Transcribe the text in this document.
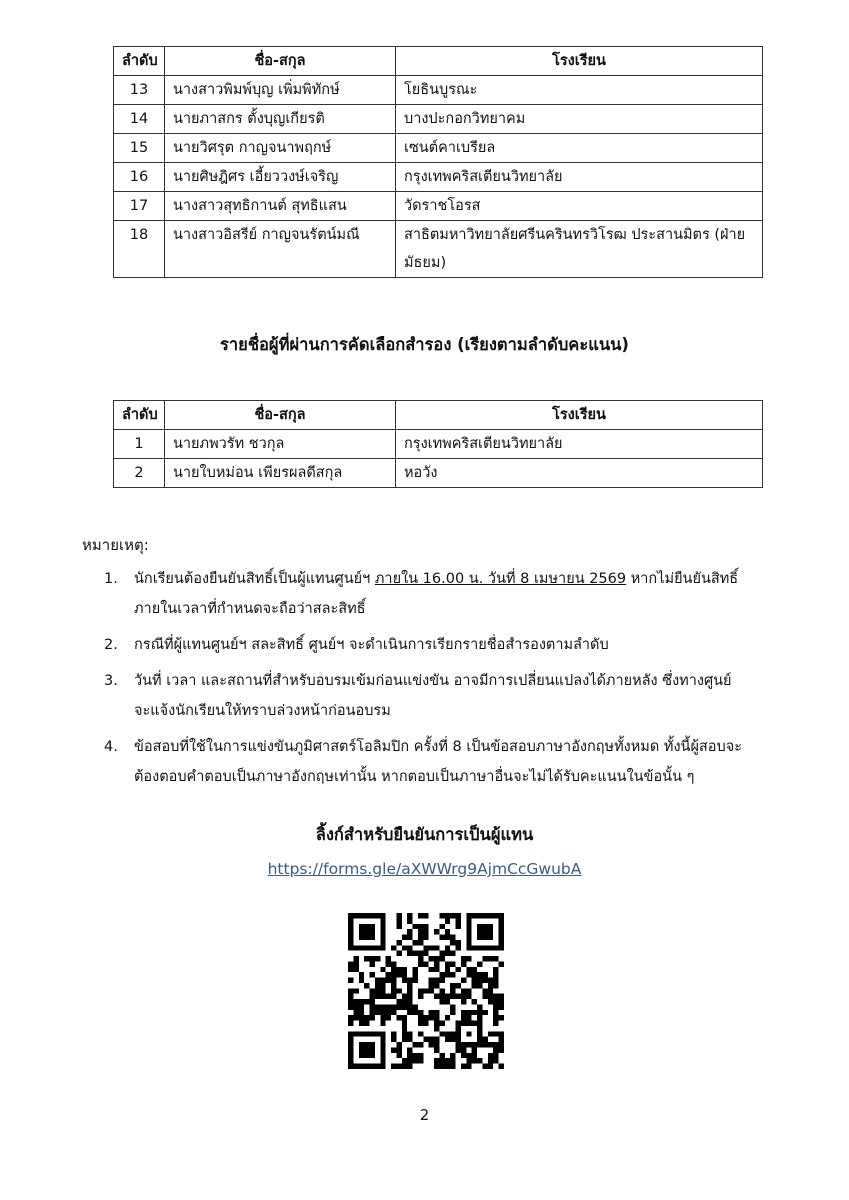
ลำดับ	ชื่อ-สกุล	โรงเรียน
13	นางสาวพิมพ์บุญ เพิ่มพิทักษ์	โยธินบูรณะ
14	นายภาสกร ตั้งบุญเกียรติ	บางปะกอกวิทยาคม
15	นายวิศรุต กาญจนาพฤกษ์	เซนต์คาเบรียล
16	นายศิษฎิศร เอี้ยววงษ์เจริญ	กรุงเทพคริสเตียนวิทยาลัย
17	นางสาวสุทธิกานต์ สุทธิแสน	วัดราชโอรส
18	นางสาวอิสรีย์ กาญจนรัตน์มณี	สาธิตมหาวิทยาลัยศรีนครินทรวิโรฒ ประสานมิตร (ฝ่ายมัธยม)
รายชื่อผู้ที่ผ่านการคัดเลือกสำรอง (เรียงตามลำดับคะแนน)
ลำดับ	ชื่อ-สกุล	โรงเรียน
1	นายภพวรัท ชวกุล	กรุงเทพคริสเตียนวิทยาลัย
2	นายใบหม่อน เพียรผลดีสกุล	หอวัง
หมายเหตุ:
1. นักเรียนต้องยืนยันสิทธิ์เป็นผู้แทนศูนย์ฯ ภายใน 16.00 น. วันที่ 8 เมษายน 2569 หากไม่ยืนยันสิทธิ์ภายในเวลาที่กำหนดจะถือว่าสละสิทธิ์
2. กรณีที่ผู้แทนศูนย์ฯ สละสิทธิ์ ศูนย์ฯ จะดำเนินการเรียกรายชื่อสำรองตามลำดับ
3. วันที่ เวลา และสถานที่สำหรับอบรมเข้มก่อนแข่งขัน อาจมีการเปลี่ยนแปลงได้ภายหลัง ซึ่งทางศูนย์จะแจ้งนักเรียนให้ทราบล่วงหน้าก่อนอบรม
4. ข้อสอบที่ใช้ในการแข่งขันภูมิศาสตร์โอลิมปิก ครั้งที่ 8 เป็นข้อสอบภาษาอังกฤษทั้งหมด ทั้งนี้ผู้สอบจะต้องตอบคำตอบเป็นภาษาอังกฤษเท่านั้น หากตอบเป็นภาษาอื่นจะไม่ได้รับคะแนนในข้อนั้น ๆ
ลิ้งก์สำหรับยืนยันการเป็นผู้แทน
https://forms.gle/aXWWrg9AjmCcGwubA
2
